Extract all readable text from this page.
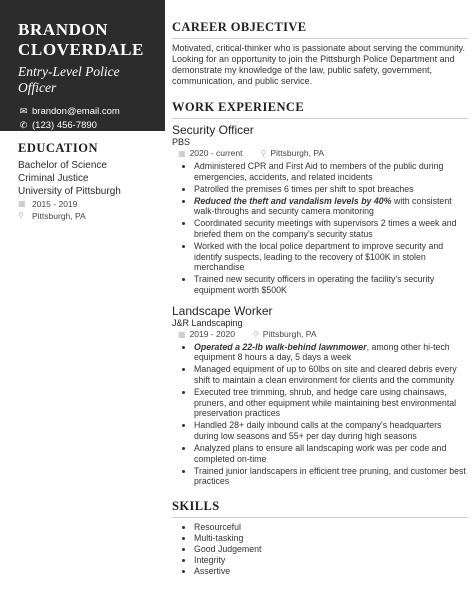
BRANDON
CLOVERDALE
Entry-Level Police Officer
✉ brandon@email.com
✆ (123) 456-7890
⚲ Pittsburgh, PA
EDUCATION
Bachelor of Science
Criminal Justice
University of Pittsburgh
▦ 2015 - 2019
⚲ Pittsburgh, PA
CAREER OBJECTIVE
Motivated, critical-thinker who is passionate about serving the community. Looking for an opportunity to join the Pittsburgh Police Department and demonstrate my knowledge of the law, public safety, government, communication, and public service.
WORK EXPERIENCE
Security Officer
PBS
▦ 2020 - current ⚲ Pittsburgh, PA
• Administered CPR and First Aid to members of the public during emergencies, accidents, and related incidents
• Patrolled the premises 6 times per shift to spot breaches
• Reduced the theft and vandalism levels by 40% with consistent walk-throughs and security camera monitoring
• Coordinated security meetings with supervisors 2 times a week and briefed them on the company's security status
• Worked with the local police department to improve security and identify suspects, leading to the recovery of $100K in stolen merchandise
• Trained new security officers in operating the facility's security equipment worth $500K
Landscape Worker
J&R Landscaping
▦ 2019 - 2020 ⚲ Pittsburgh, PA
• Operated a 22-lb walk-behind lawnmower, among other hi-tech equipment 8 hours a day, 5 days a week
• Managed equipment of up to 60lbs on site and cleared debris every shift to maintain a clean environment for clients and the community
• Executed tree trimming, shrub, and hedge care using chainsaws, pruners, and other equipment while maintaining best environmental preservation practices
• Handled 28+ daily inbound calls at the company's headquarters during low seasons and 55+ per day during high seasons
• Analyzed plans to ensure all landscaping work was per code and completed on-time
• Trained junior landscapers in efficient tree pruning, and customer best practices
SKILLS
• Resourceful
• Multi-tasking
• Good Judgement
• Integrity
• Assertive
